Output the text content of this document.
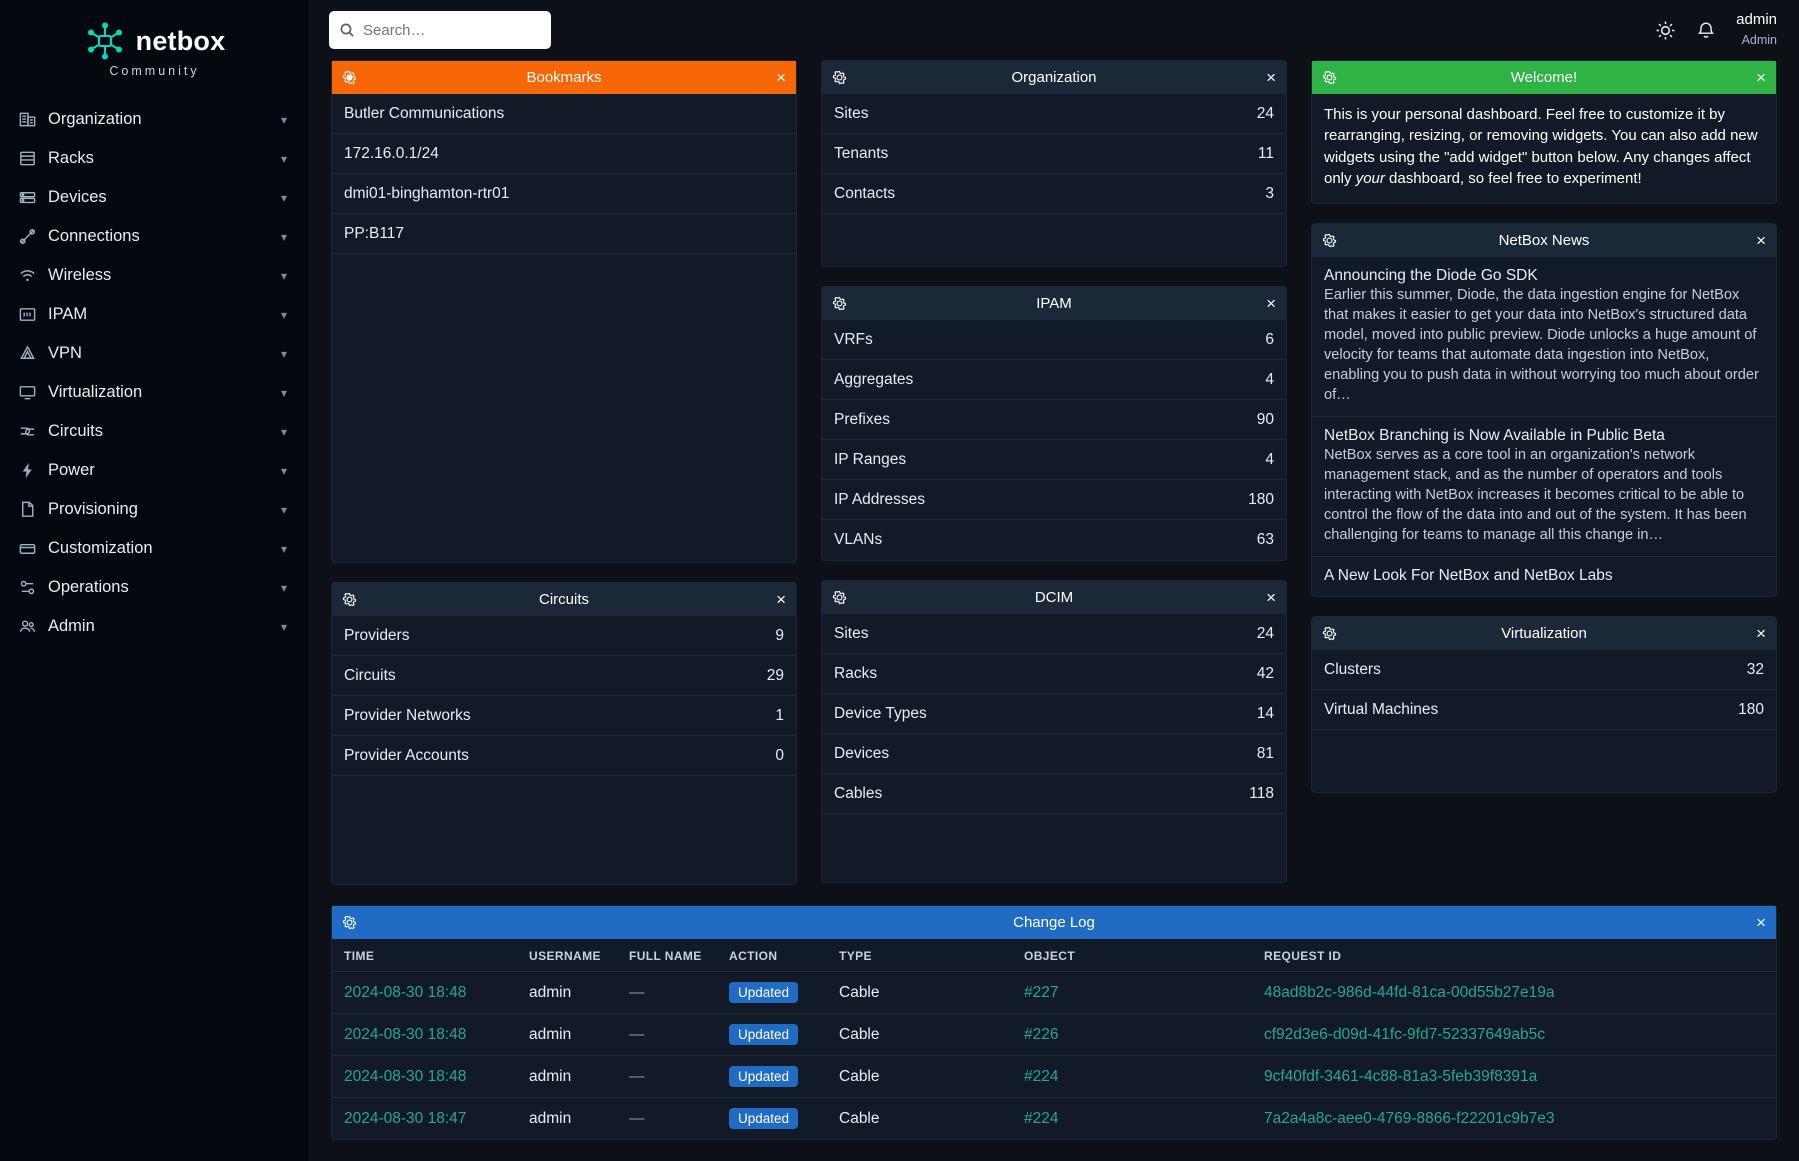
netbox
Community
Organization	▾
Racks	▾
Devices	▾
Connections	▾
Wireless	▾
IPAM	▾
VPN	▾
Virtualization	▾
Circuits	▾
Power	▾
Provisioning	▾
Customization	▾
Operations	▾
Admin	▾
Search…
admin
Admin
Bookmarks	×
Butler Communications
172.16.0.1/24
dmi01-binghamton-rtr01
PP:B117
Circuits	×
Providers	9
Circuits	29
Provider Networks	1
Provider Accounts	0
Organization	×
Sites	24
Tenants	11
Contacts	3
IPAM	×
VRFs	6
Aggregates	4
Prefixes	90
IP Ranges	4
IP Addresses	180
VLANs	63
DCIM	×
Sites	24
Racks	42
Device Types	14
Devices	81
Cables	118
Welcome!	×
This is your personal dashboard. Feel free to customize it by rearranging, resizing, or removing widgets. You can also add new widgets using the "add widget" button below. Any changes affect only your dashboard, so feel free to experiment!
NetBox News	×
Announcing the Diode Go SDK
Earlier this summer, Diode, the data ingestion engine for NetBox that makes it easier to get your data into NetBox's structured data model, moved into public preview. Diode unlocks a huge amount of velocity for teams that automate data ingestion into NetBox, enabling you to push data in without worrying too much about order of…
NetBox Branching is Now Available in Public Beta
NetBox serves as a core tool in an organization's network management stack, and as the number of operators and tools interacting with NetBox increases it becomes critical to be able to control the flow of the data into and out of the system. It has been challenging for teams to manage all this change in…
A New Look For NetBox and NetBox Labs
Virtualization	×
Clusters	32
Virtual Machines	180
Change Log	×
TIME	USERNAME	FULL NAME	ACTION	TYPE	OBJECT	REQUEST ID
2024-08-30 18:48	admin	—	Updated	Cable	#227	48ad8b2c-986d-44fd-81ca-00d55b27e19a
2024-08-30 18:48	admin	—	Updated	Cable	#226	cf92d3e6-d09d-41fc-9fd7-52337649ab5c
2024-08-30 18:48	admin	—	Updated	Cable	#224	9cf40fdf-3461-4c88-81a3-5feb39f8391a
2024-08-30 18:47	admin	—	Updated	Cable	#224	7a2a4a8c-aee0-4769-8866-f22201c9b7e3
